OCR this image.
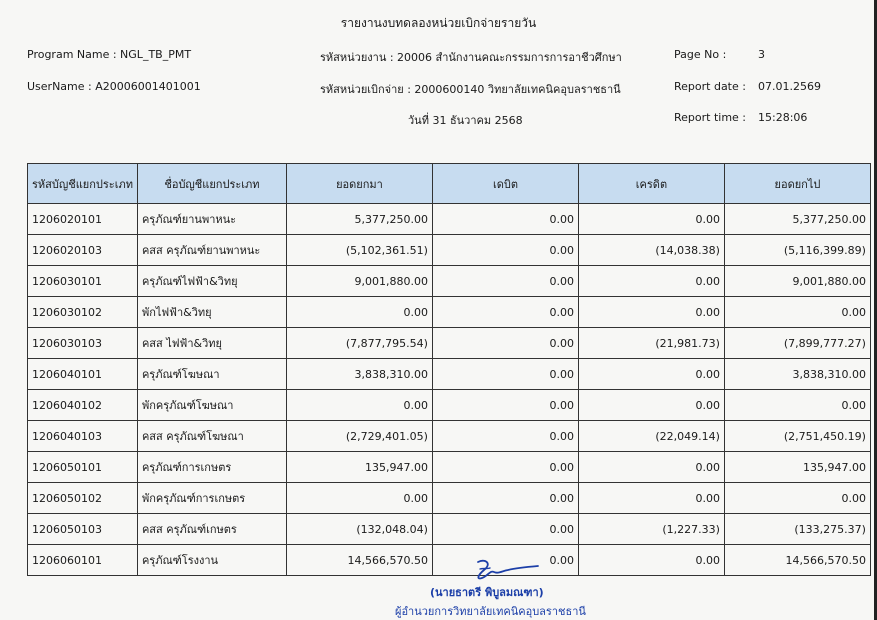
รายงานงบทดลองหน่วยเบิกจ่ายรายวัน
Program Name : NGL_TB_PMT	รหัสหน่วยงาน : 20006 สำนักงานคณะกรรมการการอาชีวศึกษา	Page No :	3
UserName : A20006001401001	รหัสหน่วยเบิกจ่าย : 2000600140 วิทยาลัยเทคนิคอุบลราชธานี	Report date : 07.01.2569
วันที่ 31 ธันวาคม 2568	Report time : 15:28:06
รหัสบัญชีแยกประเภท	ชื่อบัญชีแยกประเภท	ยอดยกมา	เดบิต	เครดิต	ยอดยกไป
1206020101	ครุภัณฑ์ยานพาหนะ	5,377,250.00	0.00	0.00	5,377,250.00
1206020103	คสส ครุภัณฑ์ยานพาหนะ	(5,102,361.51)	0.00	(14,038.38)	(5,116,399.89)
1206030101	ครุภัณฑ์ไฟฟ้า&วิทยุ	9,001,880.00	0.00	0.00	9,001,880.00
1206030102	พักไฟฟ้า&วิทยุ	0.00	0.00	0.00	0.00
1206030103	คสส ไฟฟ้า&วิทยุ	(7,877,795.54)	0.00	(21,981.73)	(7,899,777.27)
1206040101	ครุภัณฑ์โฆษณา	3,838,310.00	0.00	0.00	3,838,310.00
1206040102	พักครุภัณฑ์โฆษณา	0.00	0.00	0.00	0.00
1206040103	คสส ครุภัณฑ์โฆษณา	(2,729,401.05)	0.00	(22,049.14)	(2,751,450.19)
1206050101	ครุภัณฑ์การเกษตร	135,947.00	0.00	0.00	135,947.00
1206050102	พักครุภัณฑ์การเกษตร	0.00	0.00	0.00	0.00
1206050103	คสส ครุภัณฑ์เกษตร	(132,048.04)	0.00	(1,227.33)	(133,275.37)
1206060101	ครุภัณฑ์โรงงาน	14,566,570.50	0.00	0.00	14,566,570.50
(นายธาตรี พิบูลมณฑา)
ผู้อำนวยการวิทยาลัยเทคนิคอุบลราชธานี
